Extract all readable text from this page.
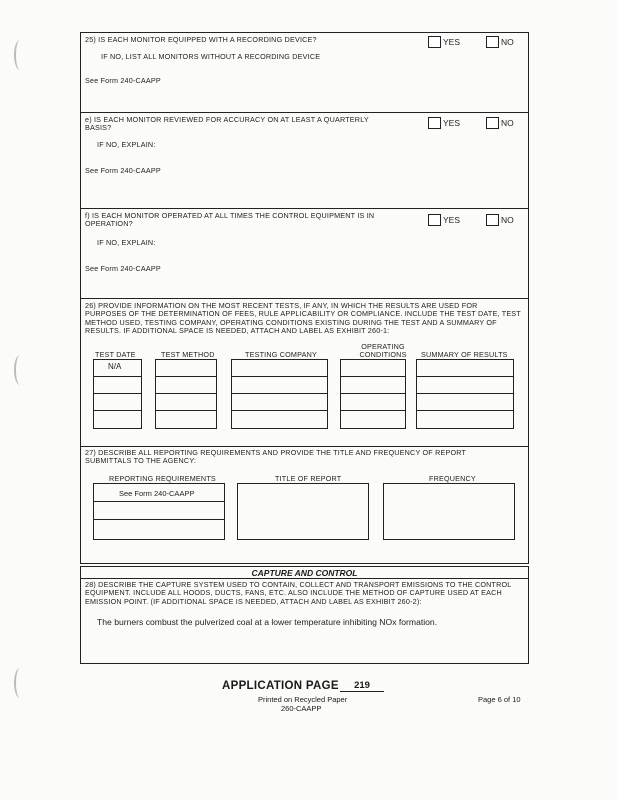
25) IS EACH MONITOR EQUIPPED WITH A RECORDING DEVICE?	YES	NO
IF NO, LIST ALL MONITORS WITHOUT A RECORDING DEVICE
See Form 240-CAAPP
e) IS EACH MONITOR REVIEWED FOR ACCURACY ON AT LEAST A QUARTERLY BASIS?	YES	NO
IF NO, EXPLAIN:
See Form 240-CAAPP
f) IS EACH MONITOR OPERATED AT ALL TIMES THE CONTROL EQUIPMENT IS IN OPERATION?	YES	NO
IF NO, EXPLAIN:
See Form 240-CAAPP
26) PROVIDE INFORMATION ON THE MOST RECENT TESTS, IF ANY, IN WHICH THE RESULTS ARE USED FOR PURPOSES OF THE DETERMINATION OF FEES, RULE APPLICABILITY OR COMPLIANCE. INCLUDE THE TEST DATE, TEST METHOD USED, TESTING COMPANY, OPERATING CONDITIONS EXISTING DURING THE TEST AND A SUMMARY OF RESULTS. IF ADDITIONAL SPACE IS NEEDED, ATTACH AND LABEL AS EXHIBIT 260-1:
TEST DATE	TEST METHOD	TESTING COMPANY
OPERATING CONDITIONS	SUMMARY OF RESULTS
N/A
27) DESCRIBE ALL REPORTING REQUIREMENTS AND PROVIDE THE TITLE AND FREQUENCY OF REPORT SUBMITTALS TO THE AGENCY:
REPORTING REQUIREMENTS	TITLE OF REPORT	FREQUENCY
See Form 240-CAAPP
CAPTURE AND CONTROL
28) DESCRIBE THE CAPTURE SYSTEM USED TO CONTAIN, COLLECT AND TRANSPORT EMISSIONS TO THE CONTROL EQUIPMENT. INCLUDE ALL HOODS, DUCTS, FANS, ETC. ALSO INCLUDE THE METHOD OF CAPTURE USED AT EACH EMISSION POINT. (IF ADDITIONAL SPACE IS NEEDED, ATTACH AND LABEL AS EXHIBIT 260-2):
The burners combust the pulverized coal at a lower temperature inhibiting NOx formation.
APPLICATION PAGE	219
Printed on Recycled Paper
260-CAAPP
Page 6 of 10
